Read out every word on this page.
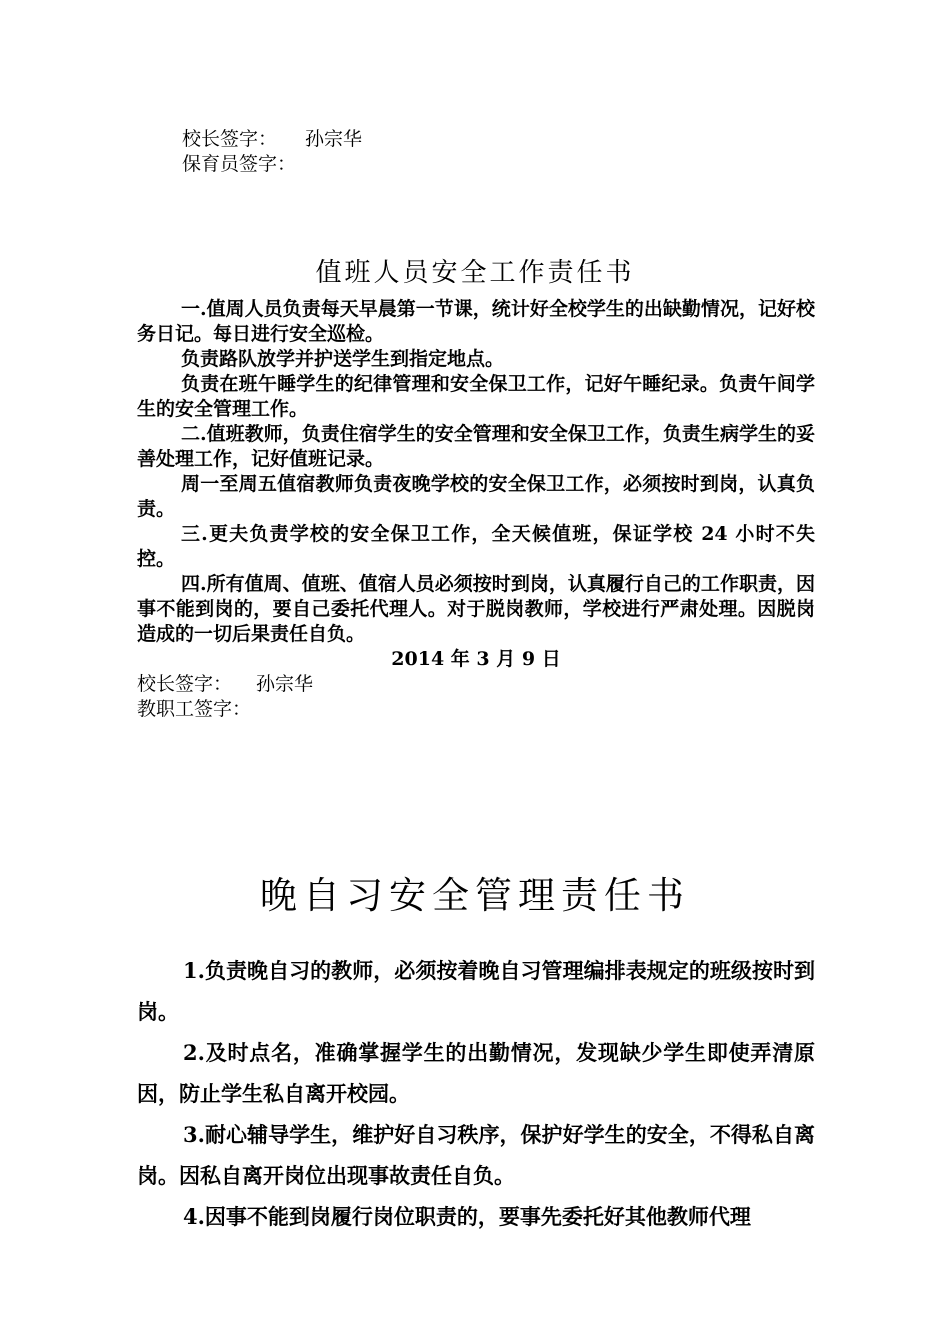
校长签字： 孙宗华
保育员签字：
值班人员安全工作责任书

一.值周人员负责每天早晨第一节课，统计好全校学生的出缺勤情况，记好校务日记。每日进行安全巡检。

负责路队放学并护送学生到指定地点。

负责在班午睡学生的纪律管理和安全保卫工作，记好午睡纪录。负责午间学生的安全管理工作。

二.值班教师，负责住宿学生的安全管理和安全保卫工作，负责生病学生的妥善处理工作，记好值班记录。

周一至周五值宿教师负责夜晚学校的安全保卫工作，必须按时到岗，认真负责。

三.更夫负责学校的安全保卫工作，全天候值班，保证学校 24 小时不失控。

四.所有值周、值班、值宿人员必须按时到岗，认真履行自己的工作职责，因事不能到岗的，要自己委托代理人。对于脱岗教师，学校进行严肃处理。因脱岗造成的一切后果责任自负。

2014 年 3 月 9 日

校长签字： 孙宗华

教职工签字：

晚自习安全管理责任书

1.负责晚自习的教师，必须按着晚自习管理编排表规定的班级按时到岗。

2.及时点名，准确掌握学生的出勤情况，发现缺少学生即使弄清原因，防止学生私自离开校园。

3.耐心辅导学生，维护好自习秩序，保护好学生的安全，不得私自离岗。因私自离开岗位出现事故责任自负。

4.因事不能到岗履行岗位职责的，要事先委托好其他教师代理
